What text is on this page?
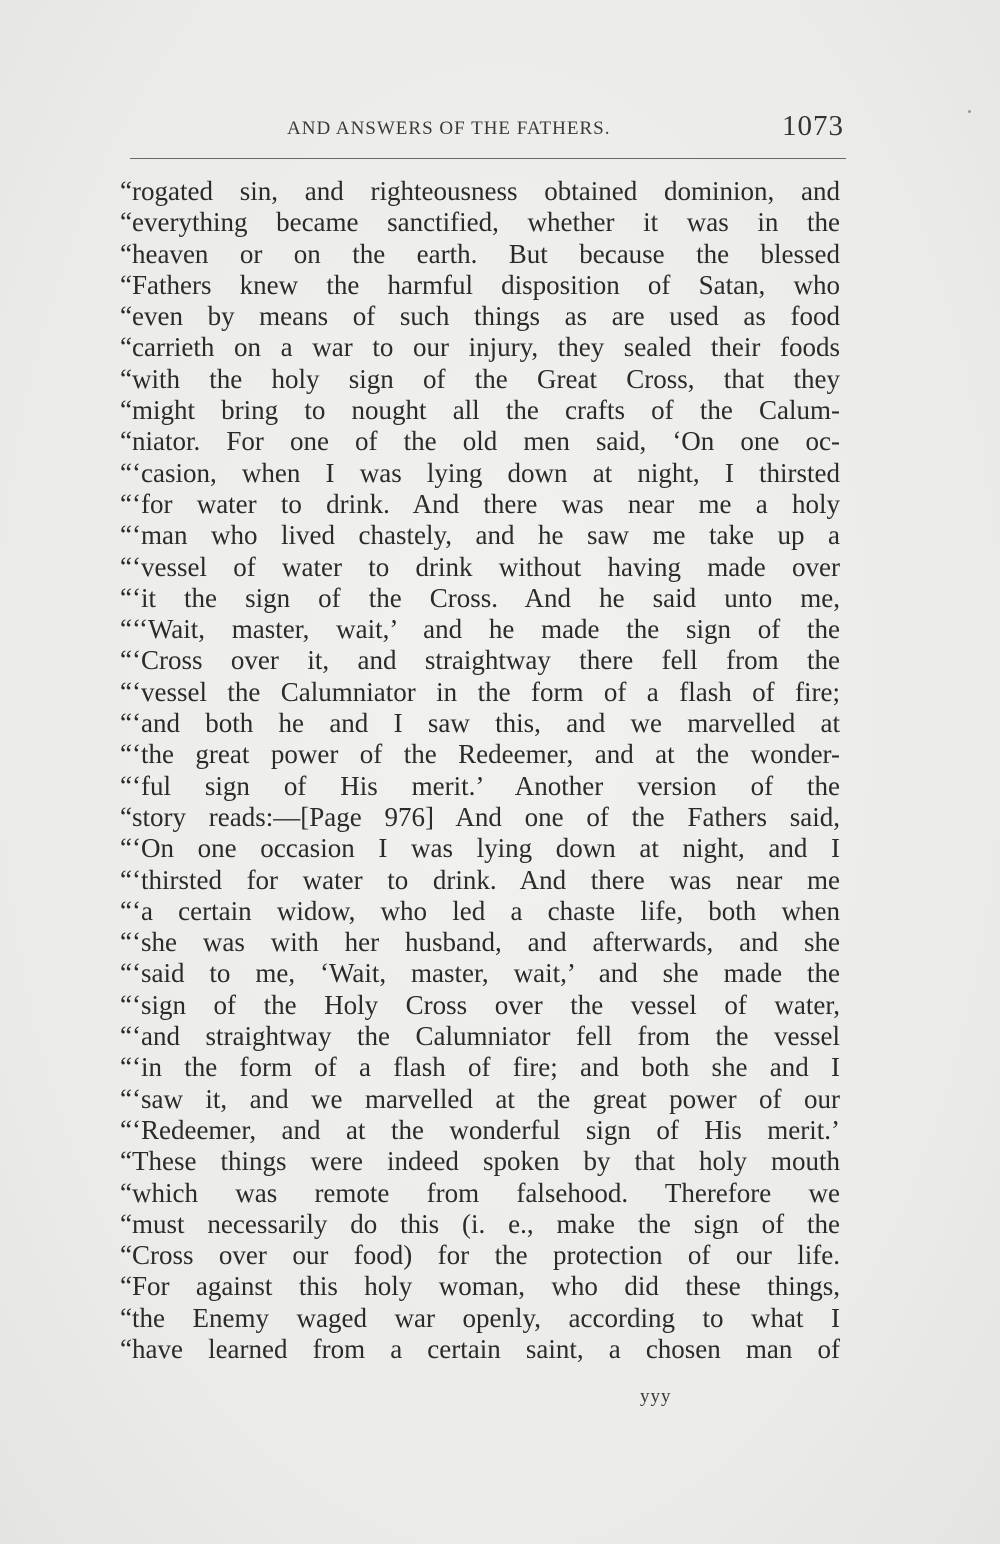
AND ANSWERS OF THE FATHERS.	1073
“rogated sin, and righteousness obtained dominion, and
“everything became sanctified, whether it was in the
“heaven or on the earth. But because the blessed
“Fathers knew the harmful disposition of Satan, who
“even by means of such things as are used as food
“carrieth on a war to our injury, they sealed their foods
“with the holy sign of the Great Cross, that they
“might bring to nought all the crafts of the Calum-
“niator. For one of the old men said, ‘On one oc-
“‘casion, when I was lying down at night, I thirsted
“‘for water to drink. And there was near me a holy
“‘man who lived chastely, and he saw me take up a
“‘vessel of water to drink without having made over
“‘it the sign of the Cross. And he said unto me,
“‘‘Wait, master, wait,’ and he made the sign of the
“‘Cross over it, and straightway there fell from the
“‘vessel the Calumniator in the form of a flash of fire;
“‘and both he and I saw this, and we marvelled at
“‘the great power of the Redeemer, and at the wonder-
“‘ful sign of His merit.’ Another version of the
“story reads:—[Page 976] And one of the Fathers said,
“‘On one occasion I was lying down at night, and I
“‘thirsted for water to drink. And there was near me
“‘a certain widow, who led a chaste life, both when
“‘she was with her husband, and afterwards, and she
“‘said to me, ‘Wait, master, wait,’ and she made the
“‘sign of the Holy Cross over the vessel of water,
“‘and straightway the Calumniator fell from the vessel
“‘in the form of a flash of fire; and both she and I
“‘saw it, and we marvelled at the great power of our
“‘Redeemer, and at the wonderful sign of His merit.’
“These things were indeed spoken by that holy mouth
“which was remote from falsehood. Therefore we
“must necessarily do this (i. e., make the sign of the
“Cross over our food) for the protection of our life.
“For against this holy woman, who did these things,
“the Enemy waged war openly, according to what I
“have learned from a certain saint, a chosen man of
yyy
